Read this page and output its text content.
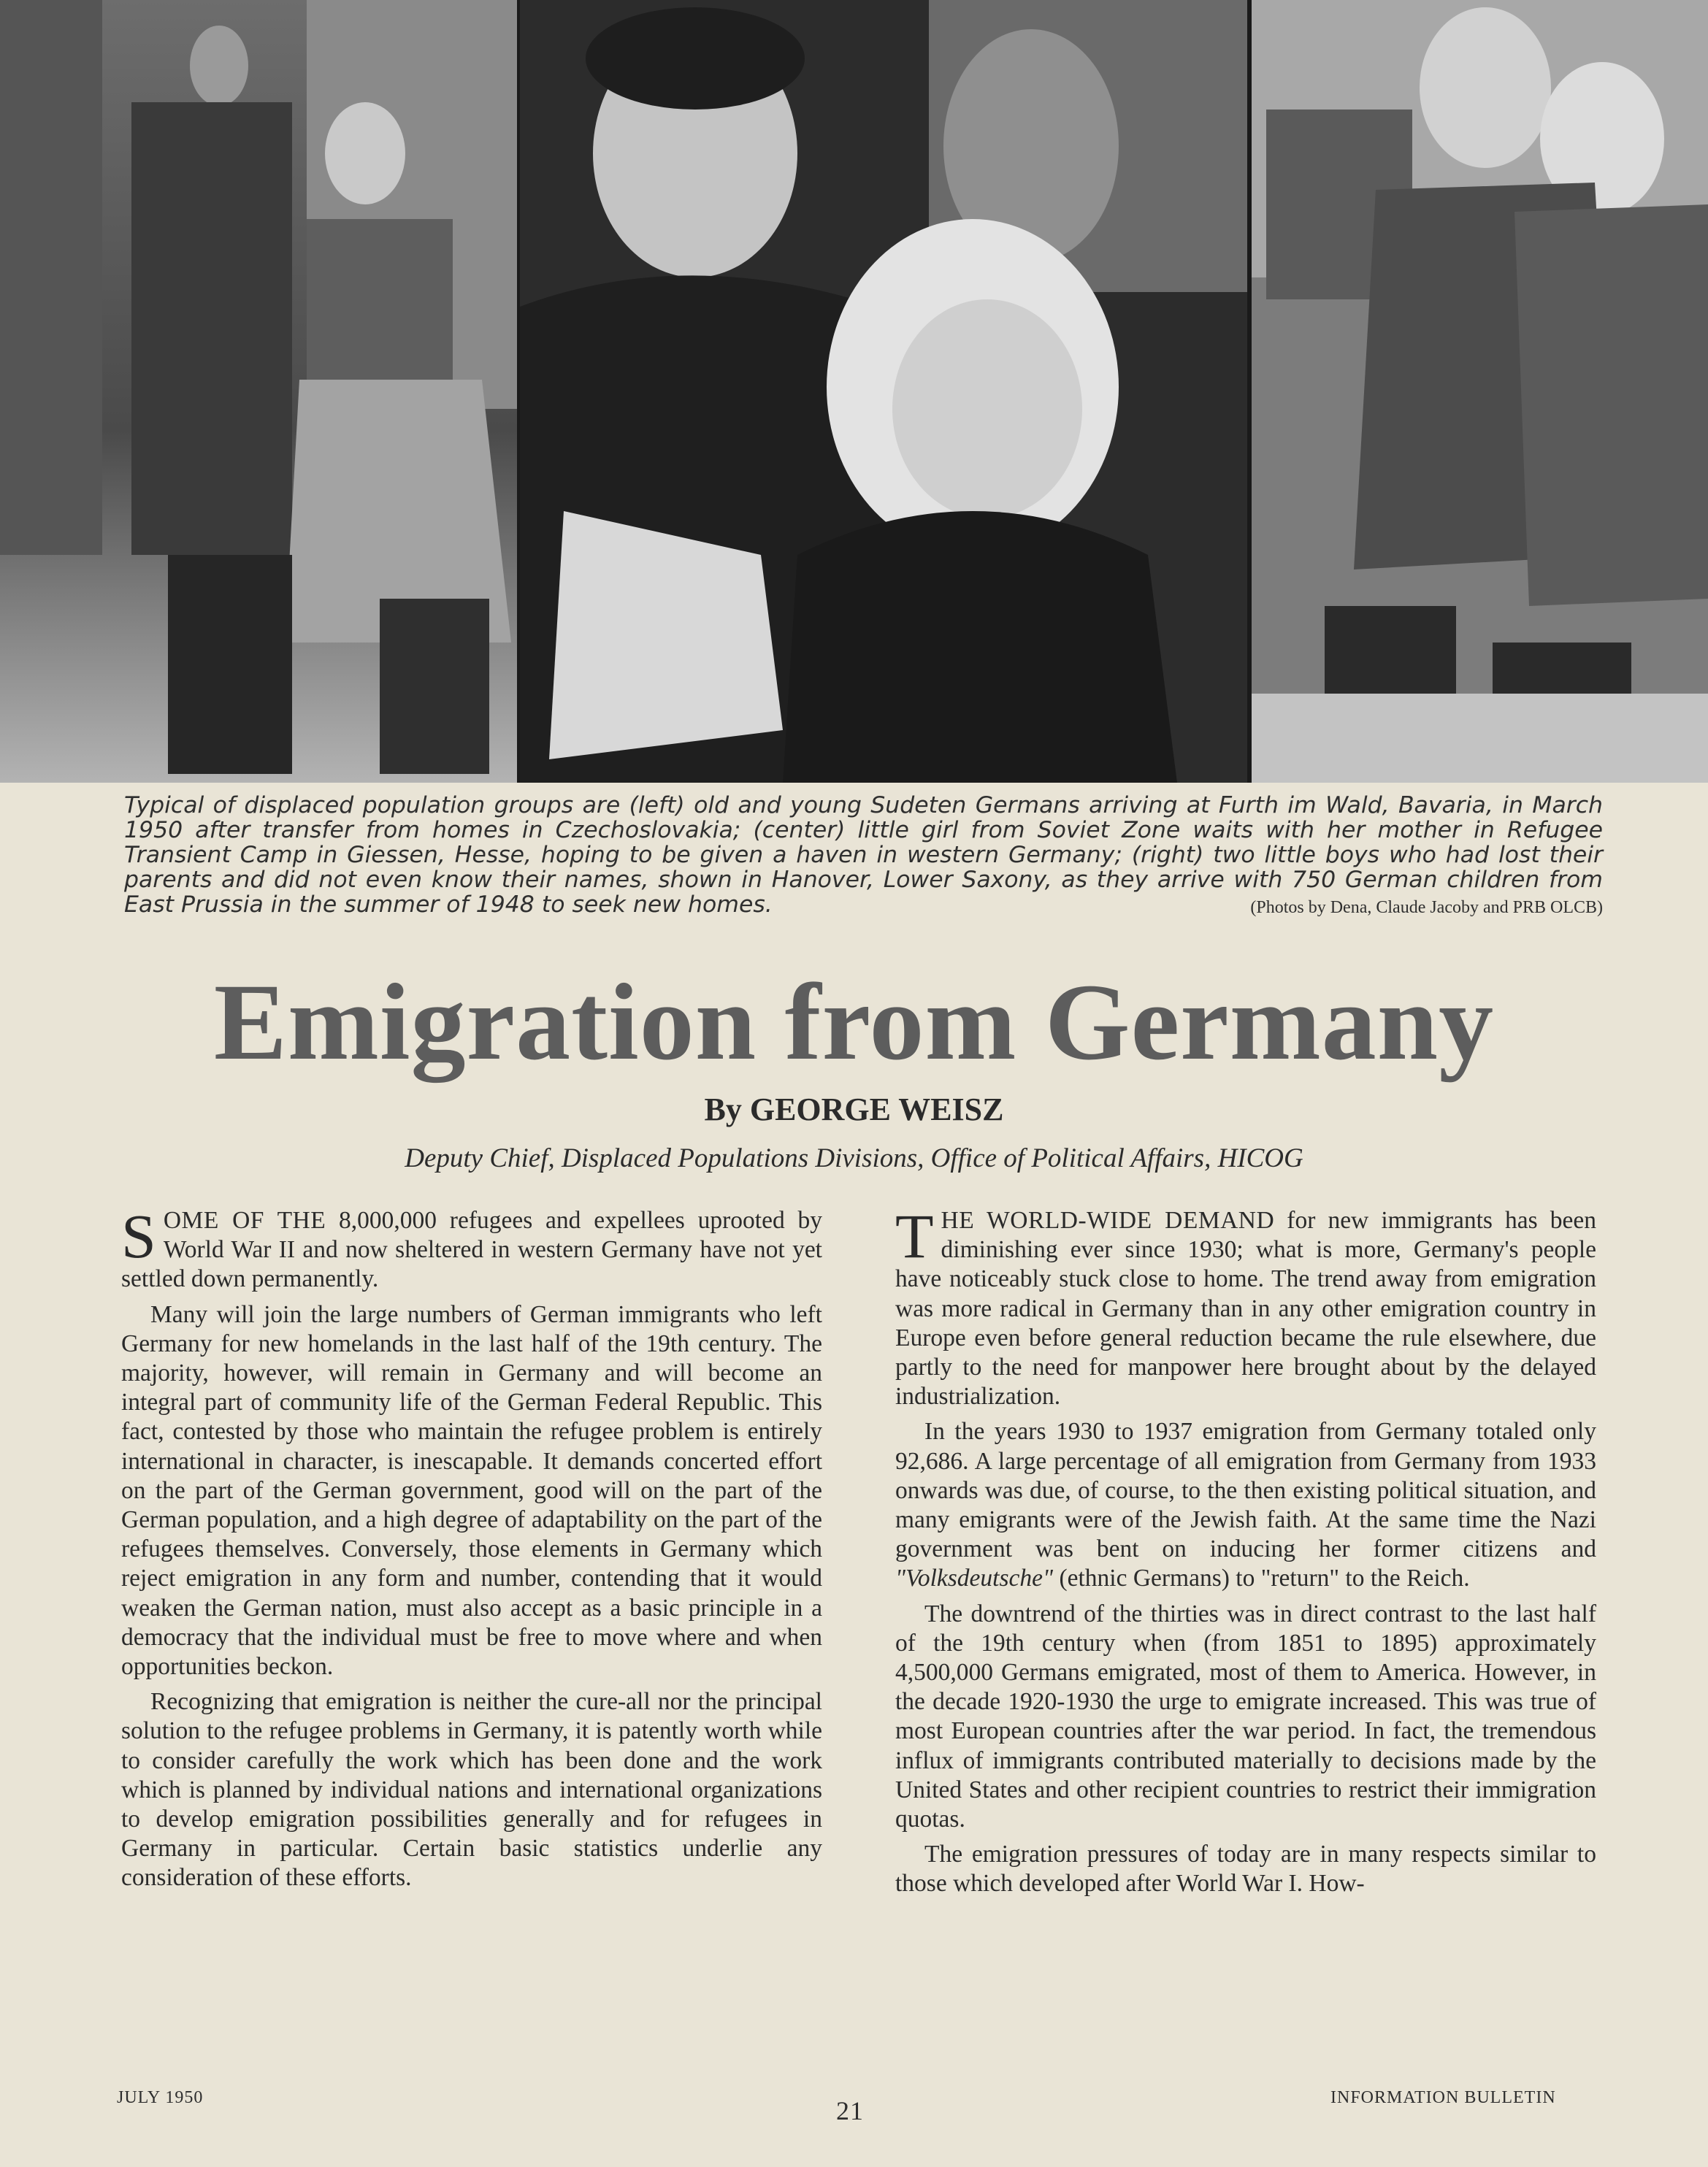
Typical of displaced population groups are (left) old and young Sudeten Germans arriving at Furth im Wald, Bavaria, in March 1950 after transfer from homes in Czechoslovakia; (center) little girl from Soviet Zone waits with her mother in Refugee Transient Camp in Giessen, Hesse, hoping to be given a haven in western Germany; (right) two little boys who had lost their parents and did not even know their names, shown in Hanover, Lower Saxony, as they arrive with 750 German children from East Prussia in the summer of 1948 to seek new homes.	(Photos by Dena, Claude Jacoby and PRB OLCB)
Emigration from Germany
By GEORGE WEISZ
Deputy Chief, Displaced Populations Divisions, Office of Political Affairs, HICOG

SOME OF THE 8,000,000 refugees and expellees uprooted by World War II and now sheltered in western Germany have not yet settled down permanently.

Many will join the large numbers of German immigrants who left Germany for new homelands in the last half of the 19th century. The majority, however, will remain in Germany and will become an integral part of community life of the German Federal Republic. This fact, contested by those who maintain the refugee problem is entirely international in character, is inescapable. It demands concerted effort on the part of the German government, good will on the part of the German population, and a high degree of adaptability on the part of the refugees themselves. Conversely, those elements in Germany which reject emigration in any form and number, contending that it would weaken the German nation, must also accept as a basic principle in a democracy that the individual must be free to move where and when opportunities beckon.

Recognizing that emigration is neither the cure-all nor the principal solution to the refugee problems in Germany, it is patently worth while to consider carefully the work which has been done and the work which is planned by individual nations and international organizations to develop emigration possibilities generally and for refugees in Germany in particular. Certain basic statistics underlie any consideration of these efforts.

THE WORLD-WIDE DEMAND for new immigrants has been diminishing ever since 1930; what is more, Germany's people have noticeably stuck close to home. The trend away from emigration was more radical in Germany than in any other emigration country in Europe even before general reduction became the rule elsewhere, due partly to the need for manpower here brought about by the delayed industrialization.

In the years 1930 to 1937 emigration from Germany totaled only 92,686. A large percentage of all emigration from Germany from 1933 onwards was due, of course, to the then existing political situation, and many emigrants were of the Jewish faith. At the same time the Nazi government was bent on inducing her former citizens and "Volksdeutsche" (ethnic Germans) to "return" to the Reich.

The downtrend of the thirties was in direct contrast to the last half of the 19th century when (from 1851 to 1895) approximately 4,500,000 Germans emigrated, most of them to America. However, in the decade 1920-1930 the urge to emigrate increased. This was true of most European countries after the war period. In fact, the tremendous influx of immigrants contributed materially to decisions made by the United States and other recipient countries to restrict their immigration quotas.

The emigration pressures of today are in many respects similar to those which developed after World War I. How-

JULY 1950	21	INFORMATION BULLETIN
